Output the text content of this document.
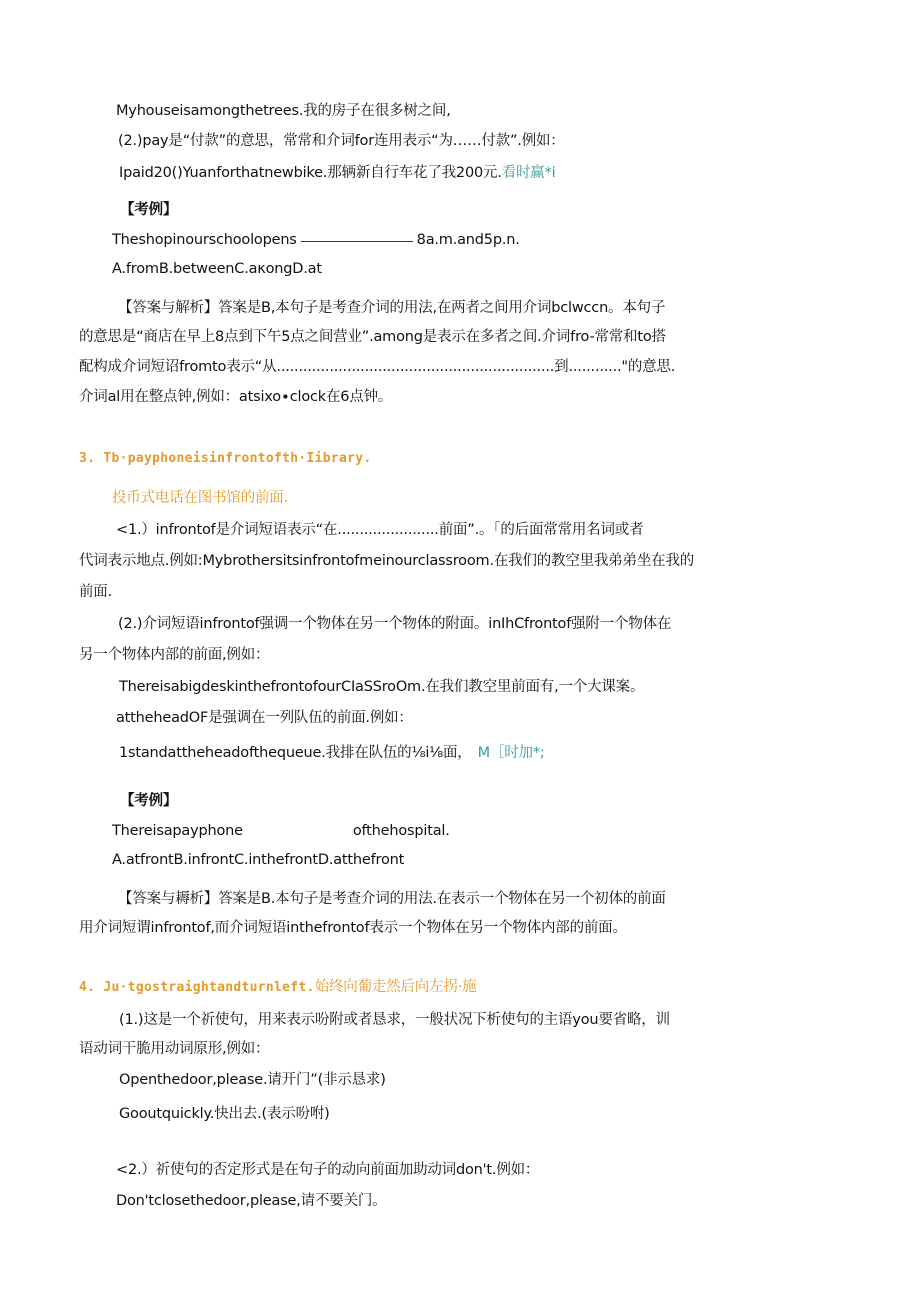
Myhouseisamongthetrees.我的房子在很多树之间,
(2.)pay是“付款”的意思，常常和介词for连用表示“为……付款”.例如：
Ipaid20()Yuanforthatnewbike.那辆新自行车花了我200元.看时赢*i
【考例】
Theshopinourschoolopens	8a.m.and5p.n.
A.fromB.betweenC.aκongD.at
【答案与解析】答案是B,本句子是考查介词的用法,在两者之间用介词bclwccn。本句子
的意思是“商店在早上8点到下午5点之间营业”.among是表示在多者之间.介词fro-常常和to搭
配构成介词短诏fromto表示“从...............................................................到............"的意思.
介词al用在整点钟,例如：atsixo∙clock在6点钟。
3. Tb·payphoneisinfrontofth·Iibrary.
投币式电话在图书馆的前面.
<1.）infrontof是介词短语表示“在.......................前面”.。「的后面常常用名词或者
代词表示地点.例如:Mybrothersitsinfrontofmeinourclassroom.在我们的教空里我弟弟坐在我的
前面.
(2.)介词短语infrontof强调一个物体在另一个物体的附面。inIhCfrontof强附一个物体在
另一个物体内部的前面,例如：
ThereisabigdeskinthefrontofourCIaSSroOm.在我们教空里前面有,一个大课案。
attheheadOF是强调在一列队伍的前面.例如：
1standattheheadofthequeue.我排在队伍的⅛i⅛面， M［时加*;
【考例】
Thereisapayphone	ofthehospital.
A.atfrontB.infrontC.inthefrontD.atthefront
【答案与耨析】答案是B.本句子是考查介词的用法.在表示一个物体在另一个初体的前面
用介词短谓infrontof,而介词短语inthefrontof表示一个物体在另一个物体内部的前面。
4. Ju·tgostraightandturnleft.始终向葡走然后向左拐·施
(1.)这是一个祈使句，用来表示吩附或者恳求，一般状况下析使句的主语you要省略，训
语动词干脆用动词原形,例如：
Openthedoor,please.请开门”(非示恳求)
Gooutquickly.快出去.(表示吩咐)
<2.）祈使句的否定形式是在句子的动向前面加助动词don't.例如：
Don'tclosethedoor,please,请不要关门。
